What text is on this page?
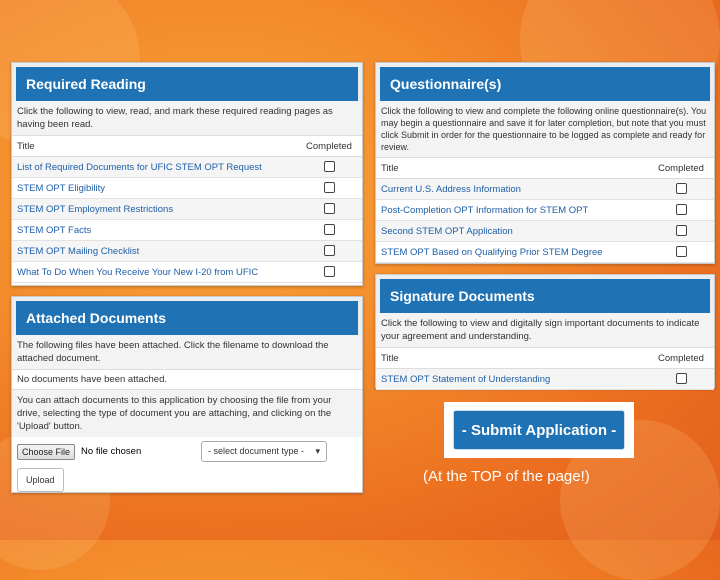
Required Reading
Click the following to view, read, and mark these required reading pages as having been read.
Title	Completed
List of Required Documents for UFIC STEM OPT Request	
STEM OPT Eligibility	
STEM OPT Employment Restrictions	
STEM OPT Facts	
STEM OPT Mailing Checklist	
What To Do When You Receive Your New I-20 from UFIC	
Attached Documents
The following files have been attached. Click the filename to download the attached document.
No documents have been attached.
You can attach documents to this application by choosing the file from your drive, selecting the type of document you are attaching, and clicking on the 'Upload' button.
Choose File	No file chosen	- select document type - ▾
Upload
Questionnaire(s)
Click the following to view and complete the following online questionnaire(s). You may begin a questionnaire and save it for later completion, but note that you must click Submit in order for the questionnaire to be logged as complete and ready for review.
Title	Completed
Current U.S. Address Information	
Post-Completion OPT Information for STEM OPT	
Second STEM OPT Application	
STEM OPT Based on Qualifying Prior STEM Degree	
Signature Documents
Click the following to view and digitally sign important documents to indicate your agreement and understanding.
Title	Completed
STEM OPT Statement of Understanding	
- Submit Application -
(At the TOP of the page!)
